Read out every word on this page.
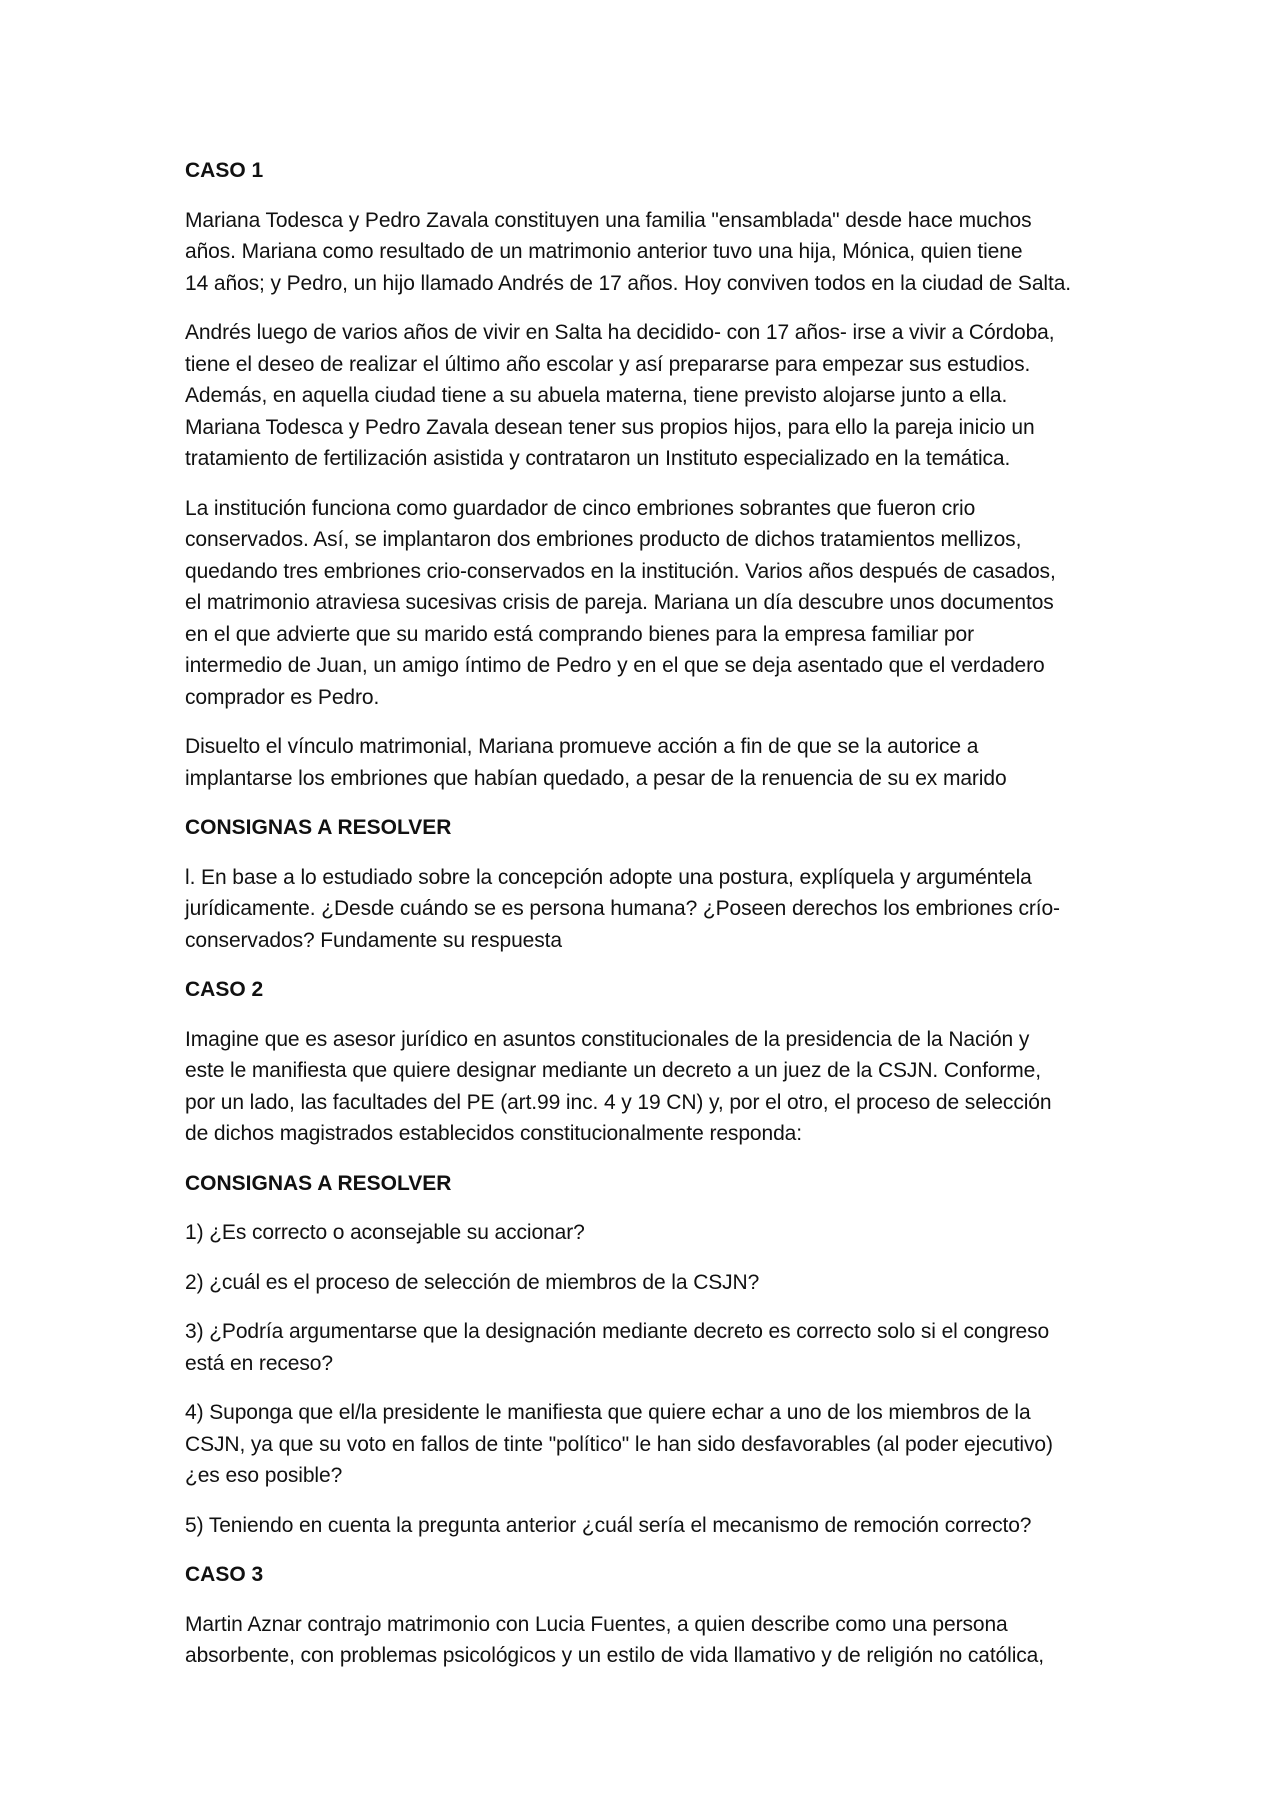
CASO 1
Mariana Todesca y Pedro Zavala constituyen una familia "ensamblada" desde hace muchos
años. Mariana como resultado de un matrimonio anterior tuvo una hija, Mónica, quien tiene
14 años; y Pedro, un hijo llamado Andrés de 17 años. Hoy conviven todos en la ciudad de Salta.
Andrés luego de varios años de vivir en Salta ha decidido- con 17 años- irse a vivir a Córdoba,
tiene el deseo de realizar el último año escolar y así prepararse para empezar sus estudios.
Además, en aquella ciudad tiene a su abuela materna, tiene previsto alojarse junto a ella.
Mariana Todesca y Pedro Zavala desean tener sus propios hijos, para ello la pareja inicio un
tratamiento de fertilización asistida y contrataron un Instituto especializado en la temática.
La institución funciona como guardador de cinco embriones sobrantes que fueron crio
conservados. Así, se implantaron dos embriones producto de dichos tratamientos mellizos,
quedando tres embriones crio-conservados en la institución. Varios años después de casados,
el matrimonio atraviesa sucesivas crisis de pareja. Mariana un día descubre unos documentos
en el que advierte que su marido está comprando bienes para la empresa familiar por
intermedio de Juan, un amigo íntimo de Pedro y en el que se deja asentado que el verdadero
comprador es Pedro.
Disuelto el vínculo matrimonial, Mariana promueve acción a fin de que se la autorice a
implantarse los embriones que habían quedado, a pesar de la renuencia de su ex marido
CONSIGNAS A RESOLVER
l. En base a lo estudiado sobre la concepción adopte una postura, explíquela y arguméntela
jurídicamente. ¿Desde cuándo se es persona humana? ¿Poseen derechos los embriones crío-
conservados? Fundamente su respuesta
CASO 2
Imagine que es asesor jurídico en asuntos constitucionales de la presidencia de la Nación y
este le manifiesta que quiere designar mediante un decreto a un juez de la CSJN. Conforme,
por un lado, las facultades del PE (art.99 inc. 4 y 19 CN) y, por el otro, el proceso de selección
de dichos magistrados establecidos constitucionalmente responda:
CONSIGNAS A RESOLVER
1) ¿Es correcto o aconsejable su accionar?
2) ¿cuál es el proceso de selección de miembros de la CSJN?
3) ¿Podría argumentarse que la designación mediante decreto es correcto solo si el congreso
está en receso?
4) Suponga que el/la presidente le manifiesta que quiere echar a uno de los miembros de la
CSJN, ya que su voto en fallos de tinte "político" le han sido desfavorables (al poder ejecutivo)
¿es eso posible?
5) Teniendo en cuenta la pregunta anterior ¿cuál sería el mecanismo de remoción correcto?
CASO 3
Martin Aznar contrajo matrimonio con Lucia Fuentes, a quien describe como una persona
absorbente, con problemas psicológicos y un estilo de vida llamativo y de religión no católica,
